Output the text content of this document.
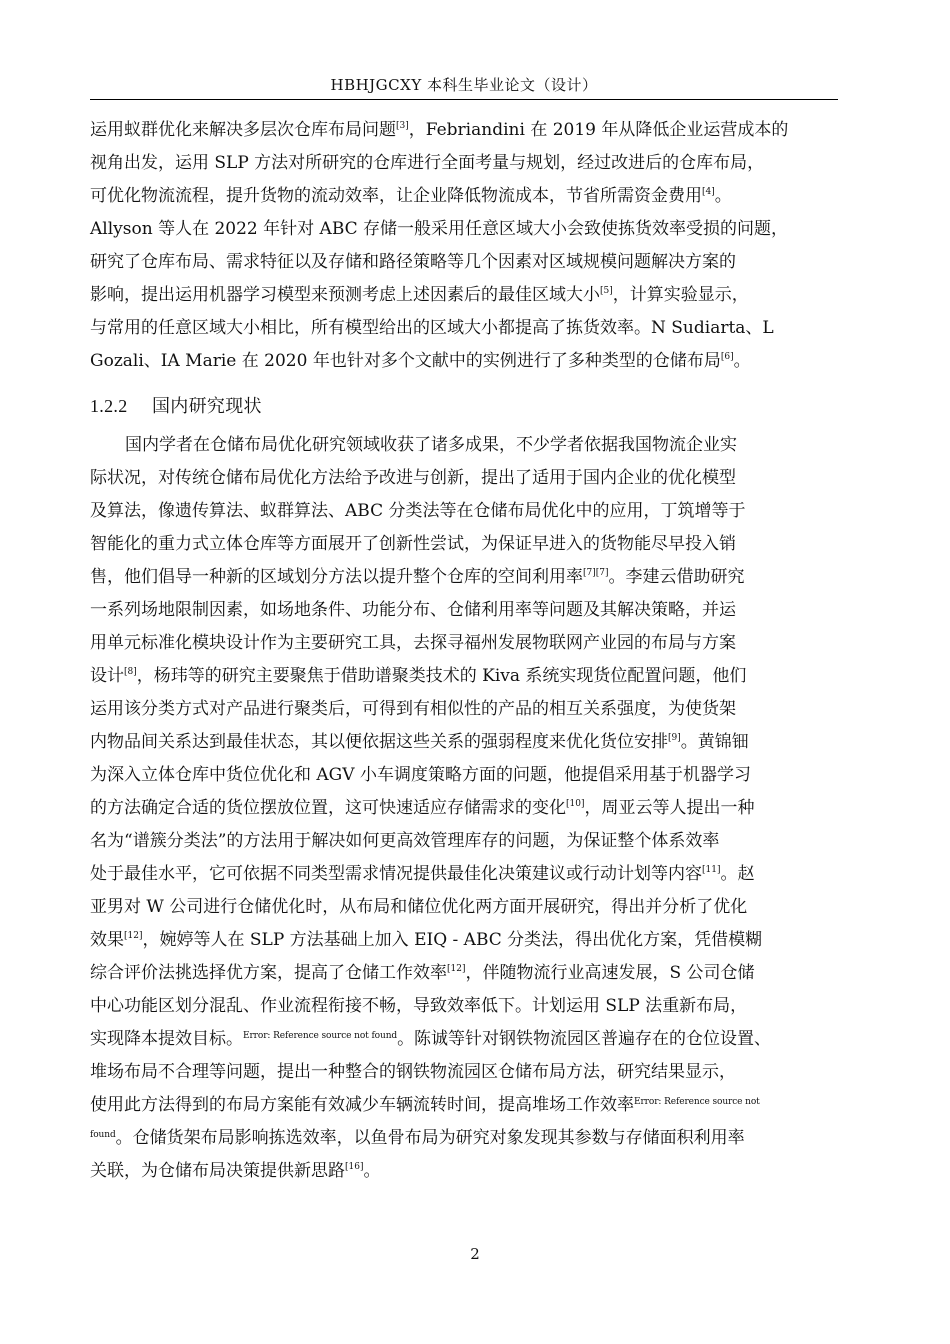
HBHJGCXY 本科生毕业论文（设计）
运用蚁群优化来解决多层次仓库布局问题[3]，Febriandini 在 2019 年从降低企业运营成本的
视角出发，运用 SLP 方法对所研究的仓库进行全面考量与规划，经过改进后的仓库布局，
可优化物流流程，提升货物的流动效率，让企业降低物流成本，节省所需资金费用[4]。
Allyson 等人在 2022 年针对 ABC 存储一般采用任意区域大小会致使拣货效率受损的问题，
研究了仓库布局、需求特征以及存储和路径策略等几个因素对区域规模问题解决方案的
影响，提出运用机器学习模型来预测考虑上述因素后的最佳区域大小[5]，计算实验显示，
与常用的任意区域大小相比，所有模型给出的区域大小都提高了拣货效率。N Sudiarta、L
Gozali、IA Marie 在 2020 年也针对多个文献中的实例进行了多种类型的仓储布局[6]。
1.2.2 国内研究现状
国内学者在仓储布局优化研究领域收获了诸多成果，不少学者依据我国物流企业实
际状况，对传统仓储布局优化方法给予改进与创新，提出了适用于国内企业的优化模型
及算法，像遗传算法、蚁群算法、ABC 分类法等在仓储布局优化中的应用，丁筑增等于
智能化的重力式立体仓库等方面展开了创新性尝试，为保证早进入的货物能尽早投入销
售，他们倡导一种新的区域划分方法以提升整个仓库的空间利用率[7][7]。李建云借助研究
一系列场地限制因素，如场地条件、功能分布、仓储利用率等问题及其解决策略，并运
用单元标准化模块设计作为主要研究工具，去探寻福州发展物联网产业园的布局与方案
设计[8]，杨玮等的研究主要聚焦于借助谱聚类技术的 Kiva 系统实现货位配置问题，他们
运用该分类方式对产品进行聚类后，可得到有相似性的产品的相互关系强度，为使货架
内物品间关系达到最佳状态，其以便依据这些关系的强弱程度来优化货位安排[9]。黄锦钿
为深入立体仓库中货位优化和 AGV 小车调度策略方面的问题，他提倡采用基于机器学习
的方法确定合适的货位摆放位置，这可快速适应存储需求的变化[10]，周亚云等人提出一种
名为“谱簇分类法”的方法用于解决如何更高效管理库存的问题，为保证整个体系效率
处于最佳水平，它可依据不同类型需求情况提供最佳化决策建议或行动计划等内容[11]。赵
亚男对 W 公司进行仓储优化时，从布局和储位优化两方面开展研究，得出并分析了优化
效果[12]，婉婷等人在 SLP 方法基础上加入 EIQ - ABC 分类法，得出优化方案，凭借模糊
综合评价法挑选择优方案，提高了仓储工作效率[12]，伴随物流行业高速发展，S 公司仓储
中心功能区划分混乱、作业流程衔接不畅，导致效率低下。计划运用 SLP 法重新布局，
实现降本提效目标。$^{Error: Reference source not found}$。陈诚等针对钢铁物流园区普遍存在的仓位设置、
堆场布局不合理等问题，提出一种整合的钢铁物流园区仓储布局方法，研究结果显示，
使用此方法得到的布局方案能有效减少车辆流转时间，提高堆场工作效率$^{Error: Reference source not}$
$^{found}$。仓储货架布局影响拣选效率，以鱼骨布局为研究对象发现其参数与存储面积利用率
关联，为仓储布局决策提供新思路[16]。
2
